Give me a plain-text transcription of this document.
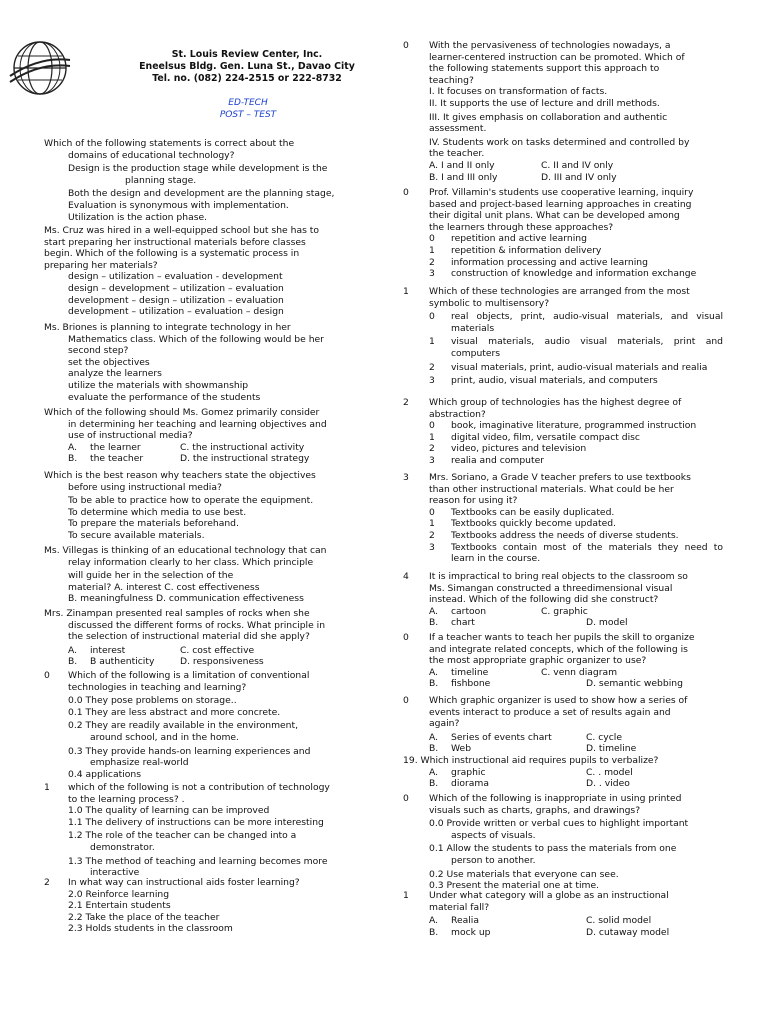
St. Louis Review Center, Inc.
Eneelsus Bldg. Gen. Luna St., Davao City
Tel. no. (082) 224-2515 or 222-8732
ED-TECH
POST – TEST
Which of the following statements is correct about the
domains of educational technology?
Design is the production stage while development is the
planning stage.
Both the design and development are the planning stage,
Evaluation is synonymous with implementation.
Utilization is the action phase.
Ms. Cruz was hired in a well-equipped school but she has to
start preparing her instructional materials before classes
begin. Which of the following is a systematic process in
preparing her materials?
design – utilization – evaluation - development
design – development – utilization – evaluation
development – design – utilization – evaluation
development – utilization – evaluation – design
Ms. Briones is planning to integrate technology in her
Mathematics class. Which of the following would be her
second step?
set the objectives
analyze the learners
utilize the materials with showmanship
evaluate the performance of the students
Which of the following should Ms. Gomez primarily consider
in determining her teaching and learning objectives and
use of instructional media?
A.	the learner	C. the instructional activity
B.	the teacher	D. the instructional strategy
Which is the best reason why teachers state the objectives
before using instructional media?
To be able to practice how to operate the equipment.
To determine which media to use best.
To prepare the materials beforehand.
To secure available materials.
Ms. Villegas is thinking of an educational technology that can
relay information clearly to her class. Which principle
will guide her in the selection of the
material? A. interest C. cost effectiveness
B. meaningfulness D. communication effectiveness
Mrs. Zinampan presented real samples of rocks when she
discussed the different forms of rocks. What principle in
the selection of instructional material did she apply?
A.	interest	C. cost effective
B.	B authenticity	D. responsiveness
0	Which of the following is a limitation of conventional
technologies in teaching and learning?
0.0 They pose problems on storage..
0.1 They are less abstract and more concrete.
0.2 They are readily available in the environment,
around school, and in the home.
0.3 They provide hands-on learning experiences and
emphasize real-world
0.4 applications
1	which of the following is not a contribution of technology
to the learning process? .
1.0 The quality of learning can be improved
1.1 The delivery of instructions can be more interesting
1.2 The role of the teacher can be changed into a
demonstrator.
1.3 The method of teaching and learning becomes more
interactive
2	In what way can instructional aids foster learning?
2.0 Reinforce learning
2.1 Entertain students
2.2 Take the place of the teacher
2.3 Holds students in the classroom
0 With the pervasiveness of technologies nowadays, a
learner-centered instruction can be promoted. Which of
the following statements support this approach to
teaching?
I. It focuses on transformation of facts.
II. It supports the use of lecture and drill methods.
III. It gives emphasis on collaboration and authentic
assessment.
IV. Students work on tasks determined and controlled by
the teacher.
A. I and II only	C. II and IV only
B. I and III only	D. III and IV only
0 Prof. Villamin's students use cooperative learning, inquiry
based and project-based learning approaches in creating
their digital unit plans. What can be developed among
the learners through these approaches?
0 repetition and active learning
1 repetition & information delivery
2 information processing and active learning
3 construction of knowledge and information exchange
1 Which of these technologies are arranged from the most
symbolic to multisensory?
0 real objects, print, audio-visual materials, and visual materials
1 visual materials, audio visual materials, print and computers
2 visual materials, print, audio-visual materials and realia
3 print, audio, visual materials, and computers
2 Which group of technologies has the highest degree of
abstraction?
0 book, imaginative literature, programmed instruction
1 digital video, film, versatile compact disc
2 video, pictures and television
3 realia and computer
3 Mrs. Soriano, a Grade V teacher prefers to use textbooks
than other instructional materials. What could be her
reason for using it?
0 Textbooks can be easily duplicated.
1 Textbooks quickly become updated.
2 Textbooks address the needs of diverse students.
3 Textbooks contain most of the materials they need to learn in the course.
4 It is impractical to bring real objects to the classroom so
Ms. Simangan constructed a threedimensional visual
instead. Which of the following did she construct?
A.	cartoon	C. graphic
B.	chart	D. model
0 If a teacher wants to teach her pupils the skill to organize
and integrate related concepts, which of the following is
the most appropriate graphic organizer to use?
A.	timeline	C. venn diagram
B.	fishbone	D. semantic webbing
0 Which graphic organizer is used to show how a series of
events interact to produce a set of results again and
again?
A.	Series of events chart	C. cycle
B.	Web	D. timeline
19. Which instructional aid requires pupils to verbalize?
A.	graphic	C. . model
B.	diorama	D. . video
0 Which of the following is inappropriate in using printed
visuals such as charts, graphs, and drawings?
0.0 Provide written or verbal cues to highlight important
aspects of visuals.
0.1 Allow the students to pass the materials from one
person to another.
0.2 Use materials that everyone can see.
0.3 Present the material one at time.
1 Under what category will a globe as an instructional
material fall?
A.	Realia	C. solid model
B.	mock up	D. cutaway model
